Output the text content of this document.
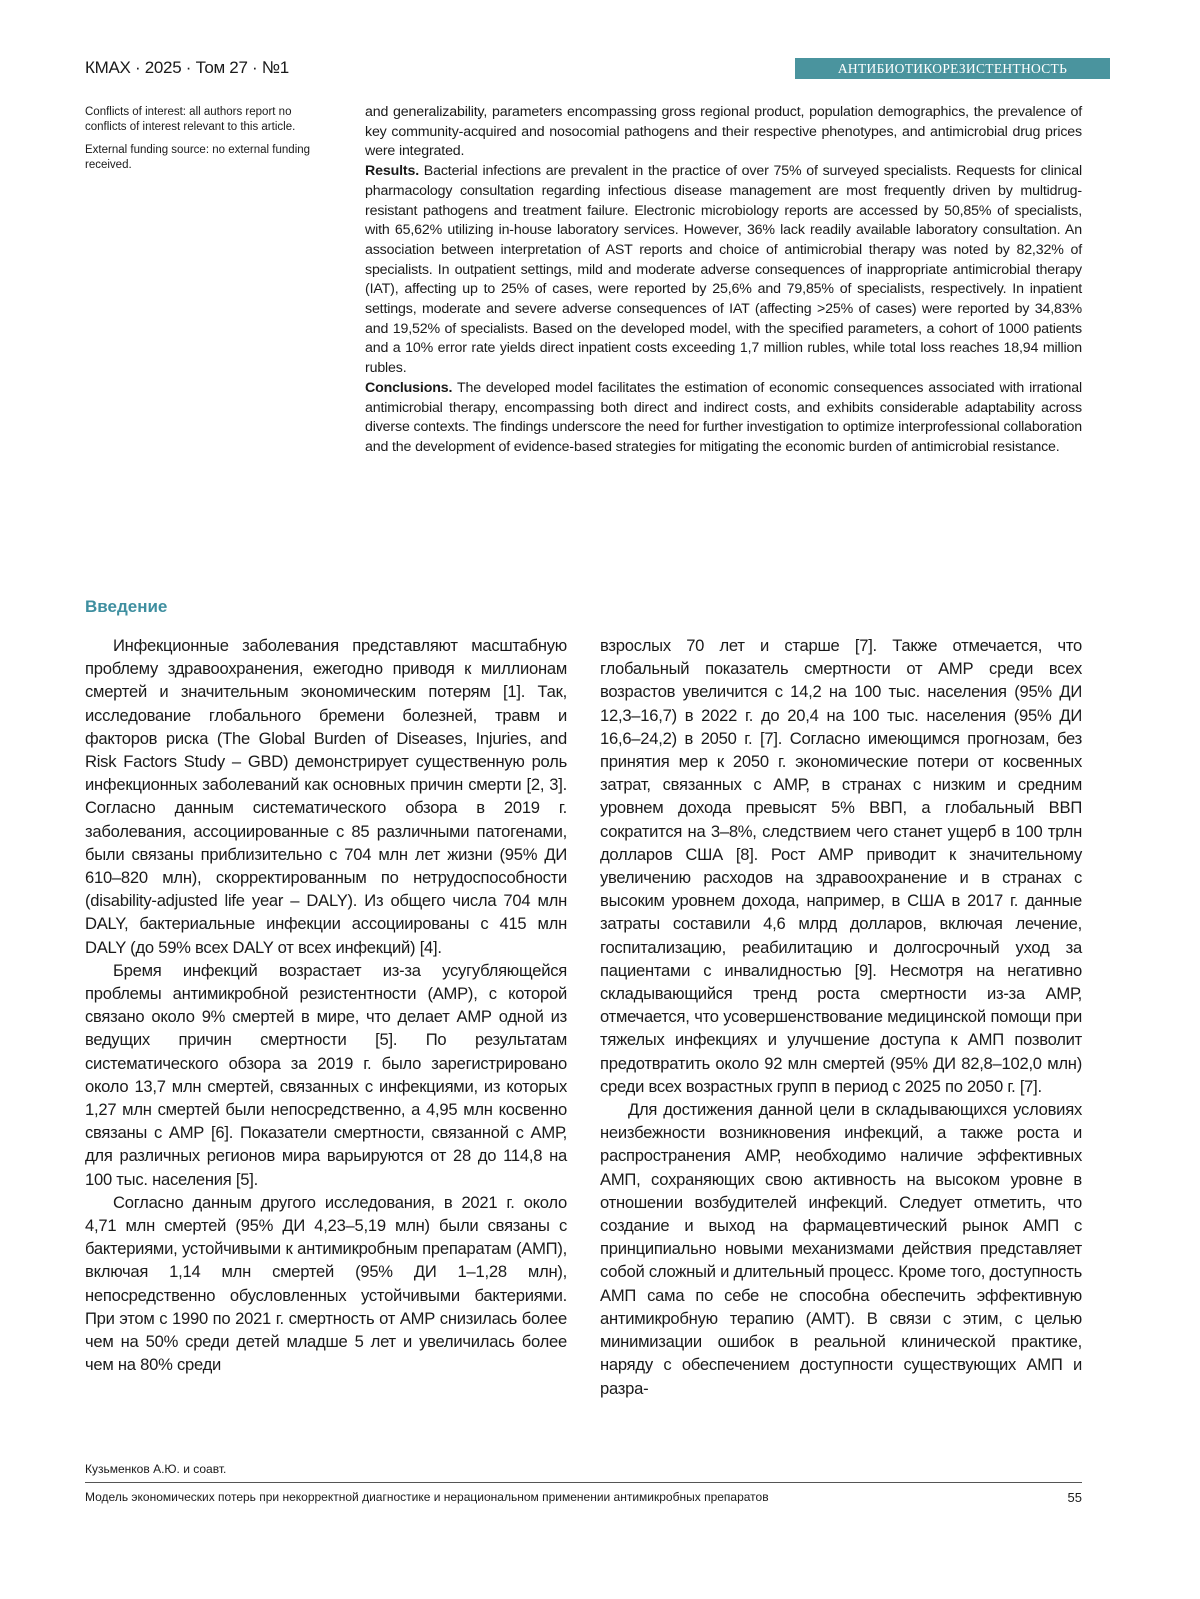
КМАХ · 2025 · Том 27 · №1	АНТИБИОТИКОРЕЗИСТЕНТНОСТЬ

Conflicts of interest: all authors report no conflicts of interest relevant to this article.

External funding source: no external funding received.

and generalizability, parameters encompassing gross regional product, population demographics, the prevalence of key community-acquired and nosocomial pathogens and their respective phenotypes, and antimicrobial drug prices were integrated.

Results. Bacterial infections are prevalent in the practice of over 75% of surveyed specialists. Requests for clinical pharmacology consultation regarding infectious disease management are most frequently driven by multidrug-resistant pathogens and treatment failure. Electronic microbiology reports are accessed by 50,85% of specialists, with 65,62% utilizing in-house laboratory services. However, 36% lack readily available laboratory consultation. An association between interpretation of AST reports and choice of antimicrobial therapy was noted by 82,32% of specialists. In outpatient settings, mild and moderate adverse consequences of inappropriate antimicrobial therapy (IAT), affecting up to 25% of cases, were reported by 25,6% and 79,85% of specialists, respectively. In inpatient settings, moderate and severe adverse consequences of IAT (affecting >25% of cases) were reported by 34,83% and 19,52% of specialists. Based on the developed model, with the specified parameters, a cohort of 1000 patients and a 10% error rate yields direct inpatient costs exceeding 1,7 million rubles, while total loss reaches 18,94 million rubles.

Conclusions. The developed model facilitates the estimation of economic consequences associated with irrational antimicrobial therapy, encompassing both direct and indirect costs, and exhibits considerable adaptability across diverse contexts. The findings underscore the need for further investigation to optimize interprofessional collaboration and the development of evidence-based strategies for mitigating the economic burden of antimicrobial resistance.

Введение

Инфекционные заболевания представляют масштабную проблему здравоохранения, ежегодно приводя к миллионам смертей и значительным экономическим потерям [1]. Так, исследование глобального бремени болезней, травм и факторов риска (The Global Burden of Diseases, Injuries, and Risk Factors Study – GBD) демонстрирует существенную роль инфекционных заболеваний как основных причин смерти [2, 3]. Согласно данным систематического обзора в 2019 г. заболевания, ассоциированные с 85 различными патогенами, были связаны приблизительно с 704 млн лет жизни (95% ДИ 610–820 млн), скорректированным по нетрудоспособности (disability-adjusted life year – DALY). Из общего числа 704 млн DALY, бактериальные инфекции ассоциированы с 415 млн DALY (до 59% всех DALY от всех инфекций) [4].

Бремя инфекций возрастает из-за усугубляющейся проблемы антимикробной резистентности (АМР), с которой связано около 9% смертей в мире, что делает АМР одной из ведущих причин смертности [5]. По результатам систематического обзора за 2019 г. было зарегистрировано около 13,7 млн смертей, связанных с инфекциями, из которых 1,27 млн смертей были непосредственно, а 4,95 млн косвенно связаны с АМР [6]. Показатели смертности, связанной с АМР, для различных регионов мира варьируются от 28 до 114,8 на 100 тыс. населения [5].

Согласно данным другого исследования, в 2021 г. около 4,71 млн смертей (95% ДИ 4,23–5,19 млн) были связаны с бактериями, устойчивыми к антимикробным препаратам (АМП), включая 1,14 млн смертей (95% ДИ 1–1,28 млн), непосредственно обусловленных устойчивыми бактериями. При этом с 1990 по 2021 г. смертность от АМР снизилась более чем на 50% среди детей младше 5 лет и увеличилась более чем на 80% среди

взрослых 70 лет и старше [7]. Также отмечается, что глобальный показатель смертности от АМР среди всех возрастов увеличится с 14,2 на 100 тыс. населения (95% ДИ 12,3–16,7) в 2022 г. до 20,4 на 100 тыс. населения (95% ДИ 16,6–24,2) в 2050 г. [7]. Согласно имеющимся прогнозам, без принятия мер к 2050 г. экономические потери от косвенных затрат, связанных с АМР, в странах с низким и средним уровнем дохода превысят 5% ВВП, а глобальный ВВП сократится на 3–8%, следствием чего станет ущерб в 100 трлн долларов США [8]. Рост АМР приводит к значительному увеличению расходов на здравоохранение и в странах с высоким уровнем дохода, например, в США в 2017 г. данные затраты составили 4,6 млрд долларов, включая лечение, госпитализацию, реабилитацию и долгосрочный уход за пациентами с инвалидностью [9]. Несмотря на негативно складывающийся тренд роста смертности из-за АМР, отмечается, что усовершенствование медицинской помощи при тяжелых инфекциях и улучшение доступа к АМП позволит предотвратить около 92 млн смертей (95% ДИ 82,8–102,0 млн) среди всех возрастных групп в период с 2025 по 2050 г. [7].

Для достижения данной цели в складывающихся условиях неизбежности возникновения инфекций, а также роста и распространения АМР, необходимо наличие эффективных АМП, сохраняющих свою активность на высоком уровне в отношении возбудителей инфекций. Следует отметить, что создание и выход на фармацевтический рынок АМП с принципиально новыми механизмами действия представляет собой сложный и длительный процесс. Кроме того, доступность АМП сама по себе не способна обеспечить эффективную антимикробную терапию (АМТ). В связи с этим, с целью минимизации ошибок в реальной клинической практике, наряду с обеспечением доступности существующих АМП и разра-

Кузьменков А.Ю. и соавт.
Модель экономических потерь при некорректной диагностике и нерациональном применении антимикробных препаратов	55
